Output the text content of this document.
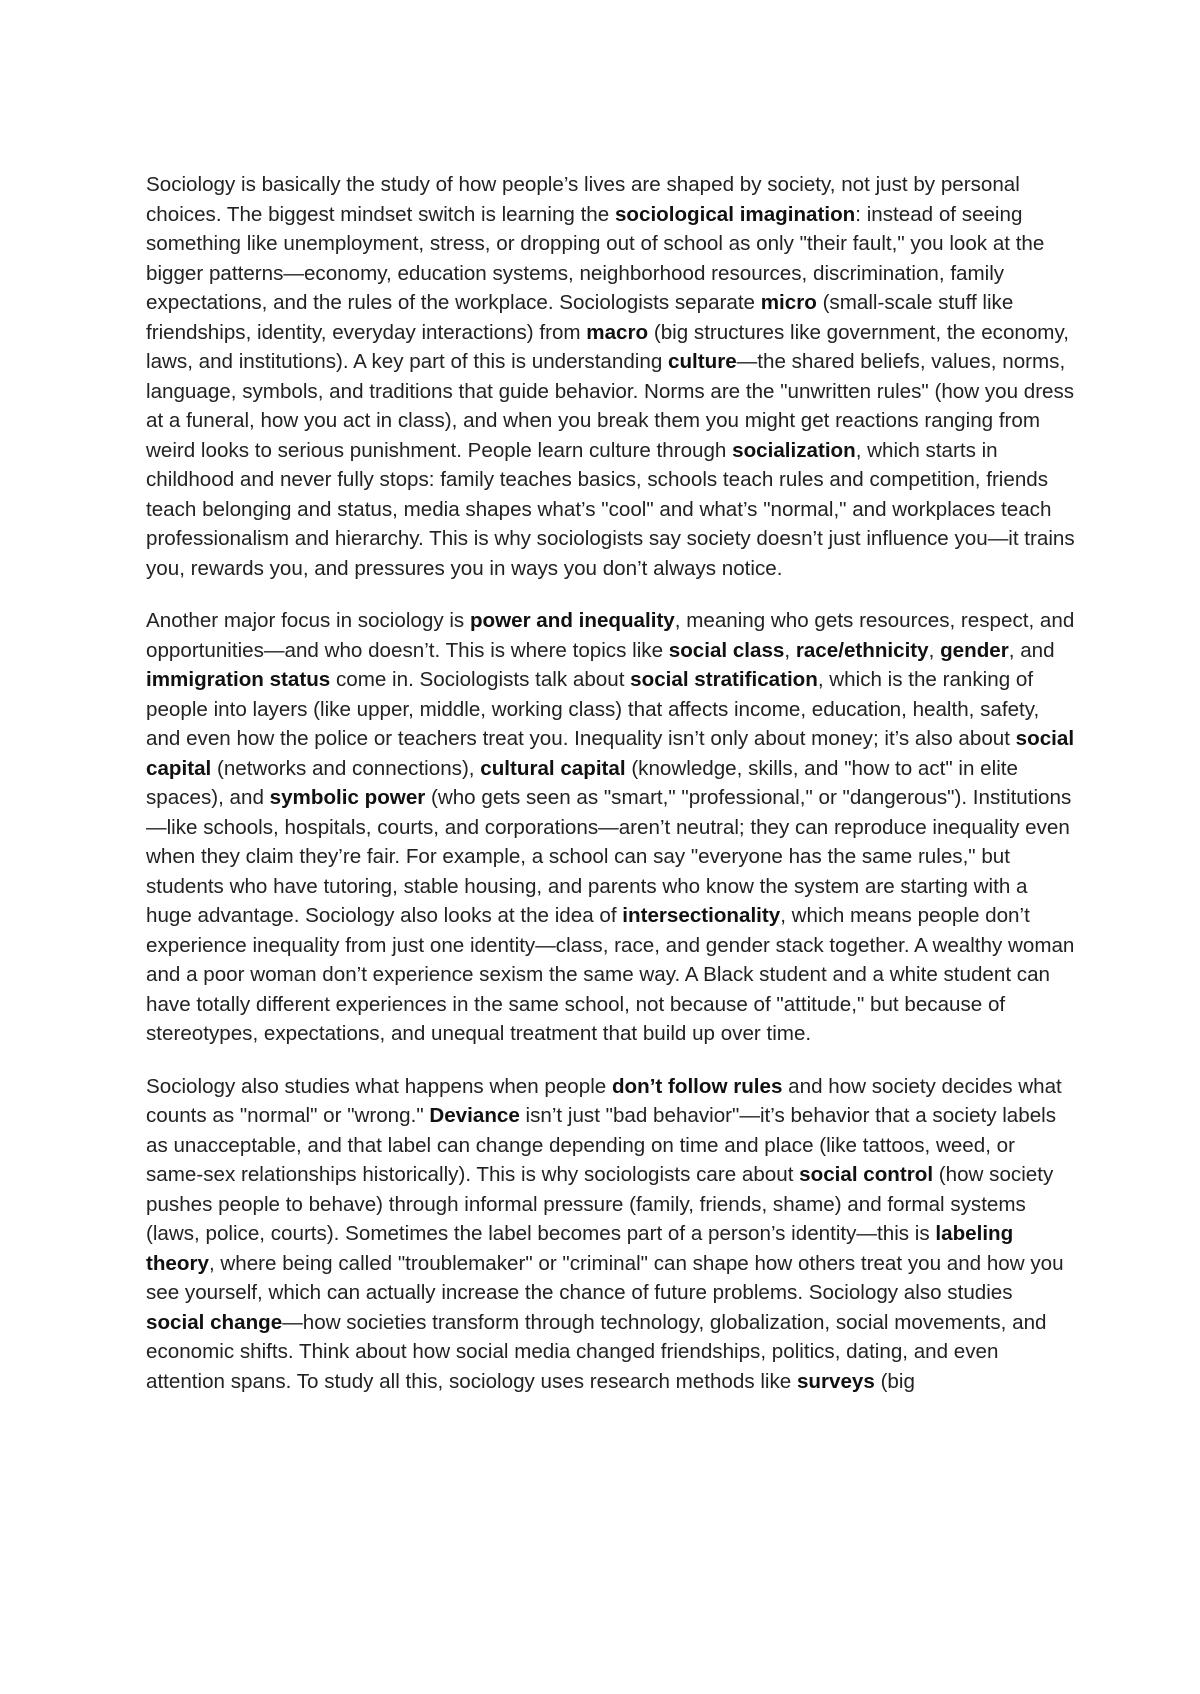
Sociology is basically the study of how people’s lives are shaped by society, not just by personal choices. The biggest mindset switch is learning the sociological imagination: instead of seeing something like unemployment, stress, or dropping out of school as only "their fault," you look at the bigger patterns—economy, education systems, neighborhood resources, discrimination, family expectations, and the rules of the workplace. Sociologists separate micro (small-scale stuff like friendships, identity, everyday interactions) from macro (big structures like government, the economy, laws, and institutions). A key part of this is understanding culture—the shared beliefs, values, norms, language, symbols, and traditions that guide behavior. Norms are the "unwritten rules" (how you dress at a funeral, how you act in class), and when you break them you might get reactions ranging from weird looks to serious punishment. People learn culture through socialization, which starts in childhood and never fully stops: family teaches basics, schools teach rules and competition, friends teach belonging and status, media shapes what’s "cool" and what’s "normal," and workplaces teach professionalism and hierarchy. This is why sociologists say society doesn’t just influence you—it trains you, rewards you, and pressures you in ways you don’t always notice.

Another major focus in sociology is power and inequality, meaning who gets resources, respect, and opportunities—and who doesn’t. This is where topics like social class, race/ethnicity, gender, and immigration status come in. Sociologists talk about social stratification, which is the ranking of people into layers (like upper, middle, working class) that affects income, education, health, safety, and even how the police or teachers treat you. Inequality isn’t only about money; it’s also about social capital (networks and connections), cultural capital (knowledge, skills, and "how to act" in elite spaces), and symbolic power (who gets seen as "smart," "professional," or "dangerous"). Institutions—like schools, hospitals, courts, and corporations—aren’t neutral; they can reproduce inequality even when they claim they’re fair. For example, a school can say "everyone has the same rules," but students who have tutoring, stable housing, and parents who know the system are starting with a huge advantage. Sociology also looks at the idea of intersectionality, which means people don’t experience inequality from just one identity—class, race, and gender stack together. A wealthy woman and a poor woman don’t experience sexism the same way. A Black student and a white student can have totally different experiences in the same school, not because of "attitude," but because of stereotypes, expectations, and unequal treatment that build up over time.

Sociology also studies what happens when people don’t follow rules and how society decides what counts as "normal" or "wrong." Deviance isn’t just "bad behavior"—it’s behavior that a society labels as unacceptable, and that label can change depending on time and place (like tattoos, weed, or same-sex relationships historically). This is why sociologists care about social control (how society pushes people to behave) through informal pressure (family, friends, shame) and formal systems (laws, police, courts). Sometimes the label becomes part of a person’s identity—this is labeling theory, where being called "troublemaker" or "criminal" can shape how others treat you and how you see yourself, which can actually increase the chance of future problems. Sociology also studies social change—how societies transform through technology, globalization, social movements, and economic shifts. Think about how social media changed friendships, politics, dating, and even attention spans. To study all this, sociology uses research methods like surveys (big
